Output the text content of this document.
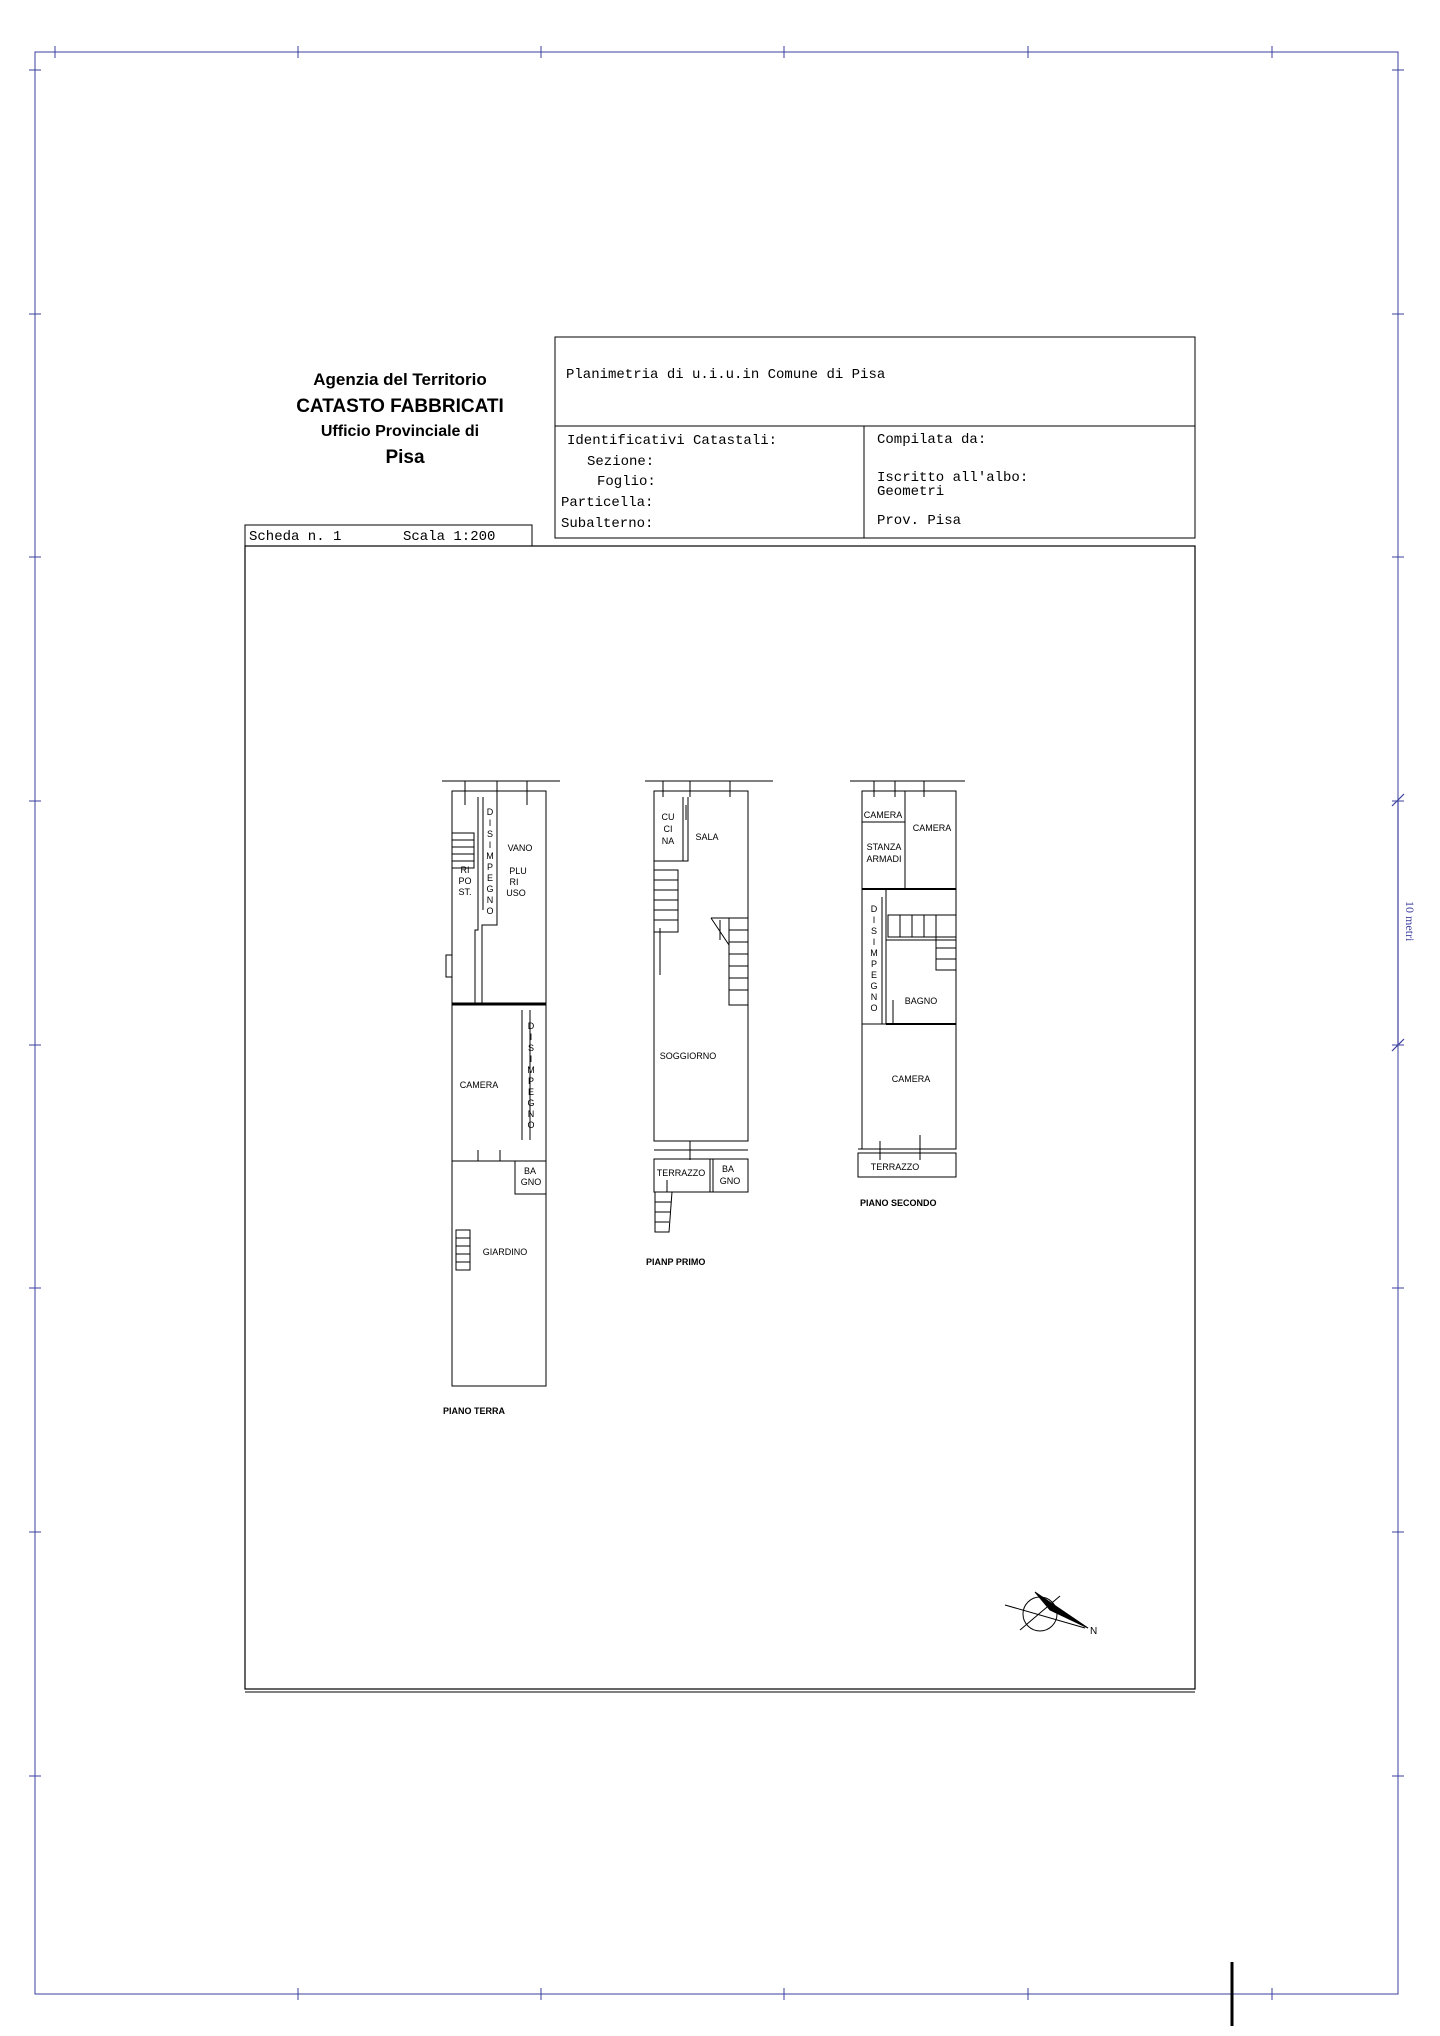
Agenzia del Territorio
CATASTO FABBRICATI
Ufficio Provinciale di
Pisa
10 metri
Planimetria di u.i.u.in Comune di Pisa
Identificativi Catastali:
Sezione:
Foglio:
Particella:
Subalterno:
Compilata da:
Iscritto all'albo:
Geometri
Prov. Pisa
Scheda n. 1	Scala 1:200
RI
PO
ST.
D
I
S
I
M
P
E
G
N
O
VANO
PLU
RI
USO
CAMERA
D
I
S
I
M
P
E
G
N
O
BA
GNO
GIARDINO
PIANO TERRA
CU
CI
NA SALA
SOGGIORNO
TERRAZZO BA
GNO
PIANP PRIMO
CAMERA
CAMERA
STANZA
ARMADI
D
I
S
I
M
P
E
G
N
O
BAGNO
CAMERA
TERRAZZO
PIANO SECONDO
N
